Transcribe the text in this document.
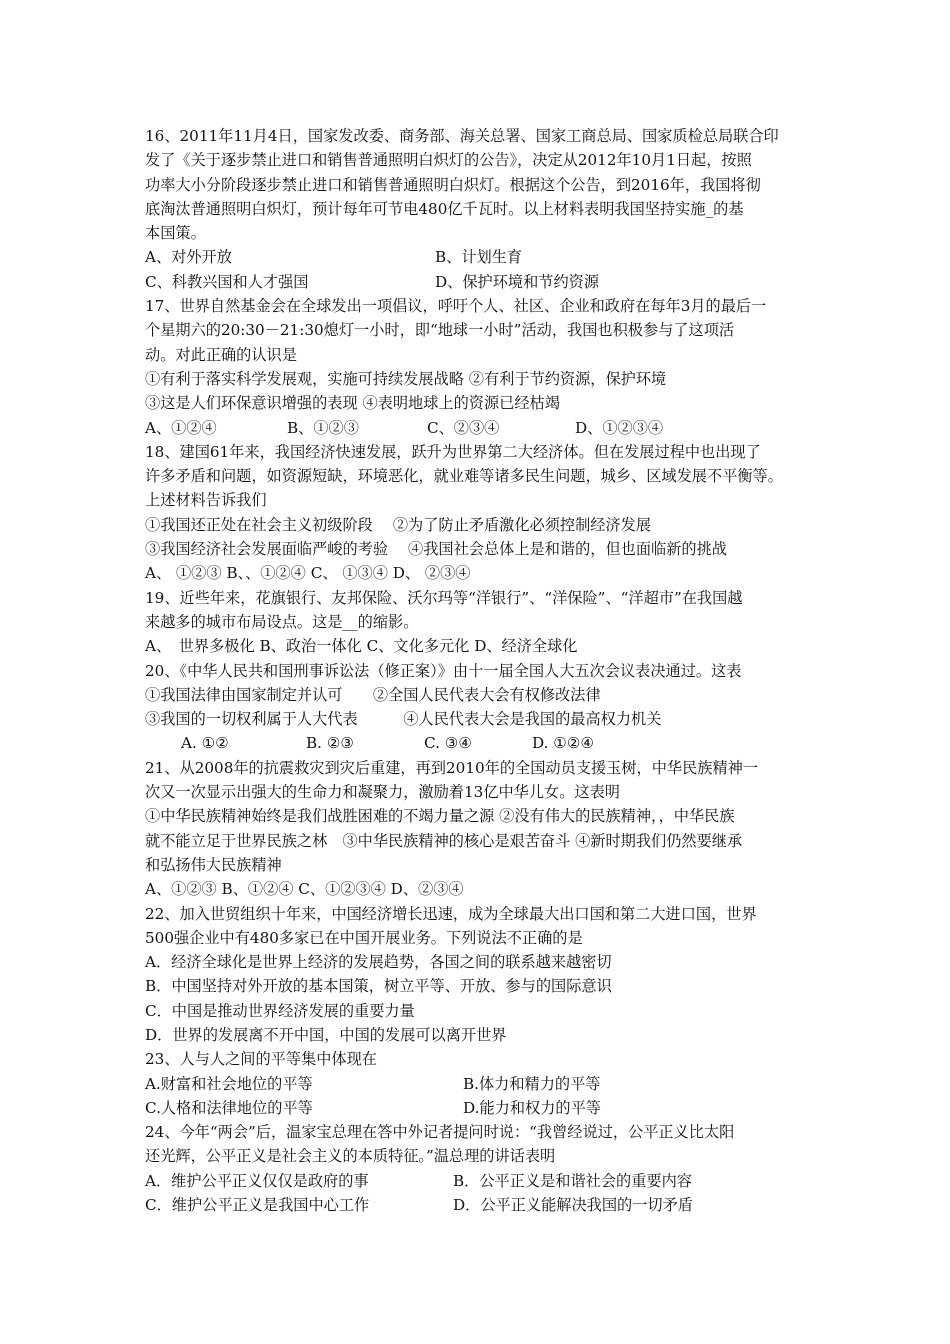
16、2011年11月4日，国家发改委、商务部、海关总署、国家工商总局、国家质检总局联合印
发了《关于逐步禁止进口和销售普通照明白炽灯的公告》，决定从2012年10月1日起，按照
功率大小分阶段逐步禁止进口和销售普通照明白炽灯。根据这个公告，到2016年，我国将彻
底淘汰普通照明白炽灯，预计每年可节电480亿千瓦时。以上材料表明我国坚持实施_的基
本国策。
A、对外开放	B、计划生育
C、科教兴国和人才强国	D、保护环境和节约资源
17、世界自然基金会在全球发出一项倡议，呼吁个人、社区、企业和政府在每年3月的最后一
个星期六的20:30－21:30熄灯一小时，即“地球一小时”活动，我国也积极参与了这项活
动。对此正确的认识是
①有利于落实科学发展观，实施可持续发展战略 ②有利于节约资源，保护环境
③这是人们环保意识增强的表现 ④表明地球上的资源已经枯竭
A、①②④	B、①②③	C、②③④	D、①②③④
18、建国61年来，我国经济快速发展，跃升为世界第二大经济体。但在发展过程中也出现了
许多矛盾和问题，如资源短缺，环境恶化，就业难等诸多民生问题，城乡、区域发展不平衡等。
上述材料告诉我们
①我国还正处在社会主义初级阶段　 ②为了防止矛盾激化必须控制经济发展
③我国经济社会发展面临严峻的考验　 ④我国社会总体上是和谐的，但也面临新的挑战
A、 ①②③ B、、①②④ C、 ①③④ D、 ②③④
19、近些年来，花旗银行、友邦保险、沃尔玛等“洋银行”、“洋保险”、“洋超市”在我国越
来越多的城市布局设点。这是__的缩影。
A、　世界多极化 B、政治一体化 C、文化多元化 D、经济全球化
20、《中华人民共和国刑事诉讼法（修正案）》由十一届全国人大五次会议表决通过。这表
①我国法律由国家制定并认可　　②全国人民代表大会有权修改法律
③我国的一切权利属于人大代表　　　④人民代表大会是我国的最高权力机关
A. ①②	B. ②③	C. ③④	D. ①②④
21、从2008年的抗震救灾到灾后重建，再到2010年的全国动员支援玉树，中华民族精神一
次又一次显示出强大的生命力和凝聚力，激励着13亿中华儿女。这表明
①中华民族精神始终是我们战胜困难的不竭力量之源 ②没有伟大的民族精神，，中华民族
就不能立足于世界民族之林　③中华民族精神的核心是艰苦奋斗 ④新时期我们仍然要继承
和弘扬伟大民族精神
A、①②③ B、①②④ C、①②③④ D、②③④
22、加入世贸组织十年来，中国经济增长迅速，成为全球最大出口国和第二大进口国，世界
500强企业中有480多家已在中国开展业务。下列说法不正确的是
A．经济全球化是世界上经济的发展趋势，各国之间的联系越来越密切
B．中国坚持对外开放的基本国策，树立平等、开放、参与的国际意识
C．中国是推动世界经济发展的重要力量
D．世界的发展离不开中国，中国的发展可以离开世界
23、人与人之间的平等集中体现在
A.财富和社会地位的平等	B.体力和精力的平等
C.人格和法律地位的平等	D.能力和权力的平等
24、今年“两会”后，温家宝总理在答中外记者提问时说：“我曾经说过，公平正义比太阳
还光辉，公平正义是社会主义的本质特征。”温总理的讲话表明
A．维护公平正义仅仅是政府的事	B．公平正义是和谐社会的重要内容
C．维护公平正义是我国中心工作	D．公平正义能解决我国的一切矛盾
